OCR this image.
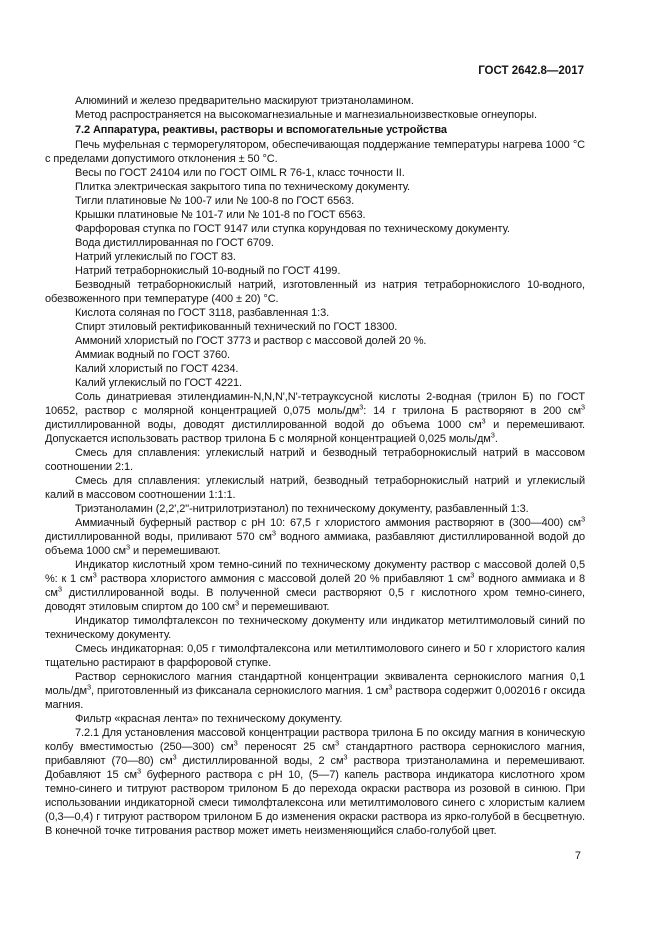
ГОСТ 2642.8—2017

Алюминий и железо предварительно маскируют триэтаноламином.

Метод распространяется на высокомагнезиальные и магнезиальноизвестковые огнеупоры.

7.2 Аппаратура, реактивы, растворы и вспомогательные устройства

Печь муфельная с терморегулятором, обеспечивающая поддержание температуры нагрева 1000 °С с пределами допустимого отклонения ± 50 °С.

Весы по ГОСТ 24104 или по ГОСТ OIML R 76-1, класс точности II.

Плитка электрическая закрытого типа по техническому документу.

Тигли платиновые № 100-7 или № 100-8 по ГОСТ 6563.

Крышки платиновые № 101-7 или № 101-8 по ГОСТ 6563.

Фарфоровая ступка по ГОСТ 9147 или ступка корундовая по техническому документу.

Вода дистиллированная по ГОСТ 6709.

Натрий углекислый по ГОСТ 83.

Натрий тетраборнокислый 10-водный по ГОСТ 4199.

Безводный тетраборнокислый натрий, изготовленный из натрия тетраборнокислого 10-водного, обезвоженного при температуре (400 ± 20) °С.

Кислота соляная по ГОСТ 3118, разбавленная 1:3.

Спирт этиловый ректификованный технический по ГОСТ 18300.

Аммоний хлористый по ГОСТ 3773 и раствор с массовой долей 20 %.

Аммиак водный по ГОСТ 3760.

Калий хлористый по ГОСТ 4234.

Калий углекислый по ГОСТ 4221.

Соль динатриевая этилендиамин-N,N,N',N'-тетрауксусной кислоты 2-водная (трилон Б) по ГОСТ 10652, раствор с молярной концентрацией 0,075 моль/$дм^3$: 14 г трилона Б растворяют в 200 $см^3$ дистиллированной воды, доводят дистиллированной водой до объема 1000 $см^3$ и перемешивают. Допускается использовать раствор трилона Б с молярной концентрацией 0,025 моль/$дм^3$.

Смесь для сплавления: углекислый натрий и безводный тетраборнокислый натрий в массовом соотношении 2:1.

Смесь для сплавления: углекислый натрий, безводный тетраборнокислый натрий и углекислый калий в массовом соотношении 1:1:1.

Триэтаноламин (2,2',2"-нитрилотриэтанол) по техническому документу, разбавленный 1:3.

Аммиачный буферный раствор с рН 10: 67,5 г хлористого аммония растворяют в (300—400) $см^3$ дистиллированной воды, приливают 570 $см^3$ водного аммиака, разбавляют дистиллированной водой до объема 1000 $см^3$ и перемешивают.

Индикатор кислотный хром темно-синий по техническому документу раствор с массовой долей 0,5 %: к 1 $см^3$ раствора хлористого аммония с массовой долей 20 % прибавляют 1 $см^3$ водного аммиака и 8 $см^3$ дистиллированной воды. В полученной смеси растворяют 0,5 г кислотного хром темно-синего, доводят этиловым спиртом до 100 $см^3$ и перемешивают.

Индикатор тимолфталексон по техническому документу или индикатор метилтимоловый синий по техническому документу.

Смесь индикаторная: 0,05 г тимолфталексона или метилтимолового синего и 50 г хлористого калия тщательно растирают в фарфоровой ступке.

Раствор сернокислого магния стандартной концентрации эквивалента сернокислого магния 0,1 моль/$дм^3$, приготовленный из фиксанала сернокислого магния. 1 $см^3$ раствора содержит 0,002016 г оксида магния.

Фильтр «красная лента» по техническому документу.

7.2.1 Для установления массовой концентрации раствора трилона Б по оксиду магния в коническую колбу вместимостью (250—300) $см^3$ переносят 25 $см^3$ стандартного раствора сернокислого магния, прибавляют (70—80) $см^3$ дистиллированной воды, 2 $см^3$ раствора триэтаноламина и перемешивают. Добавляют 15 $см^3$ буферного раствора с рН 10, (5—7) капель раствора индикатора кислотного хром темно-синего и титруют раствором трилоном Б до перехода окраски раствора из розовой в синюю. При использовании индикаторной смеси тимолфталексона или метилтимолового синего с хлористым калием (0,3—0,4) г титруют раствором трилоном Б до изменения окраски раствора из ярко-голубой в бесцветную. В конечной точке титрования раствор может иметь неизменяющийся слабо-голубой цвет.

7
